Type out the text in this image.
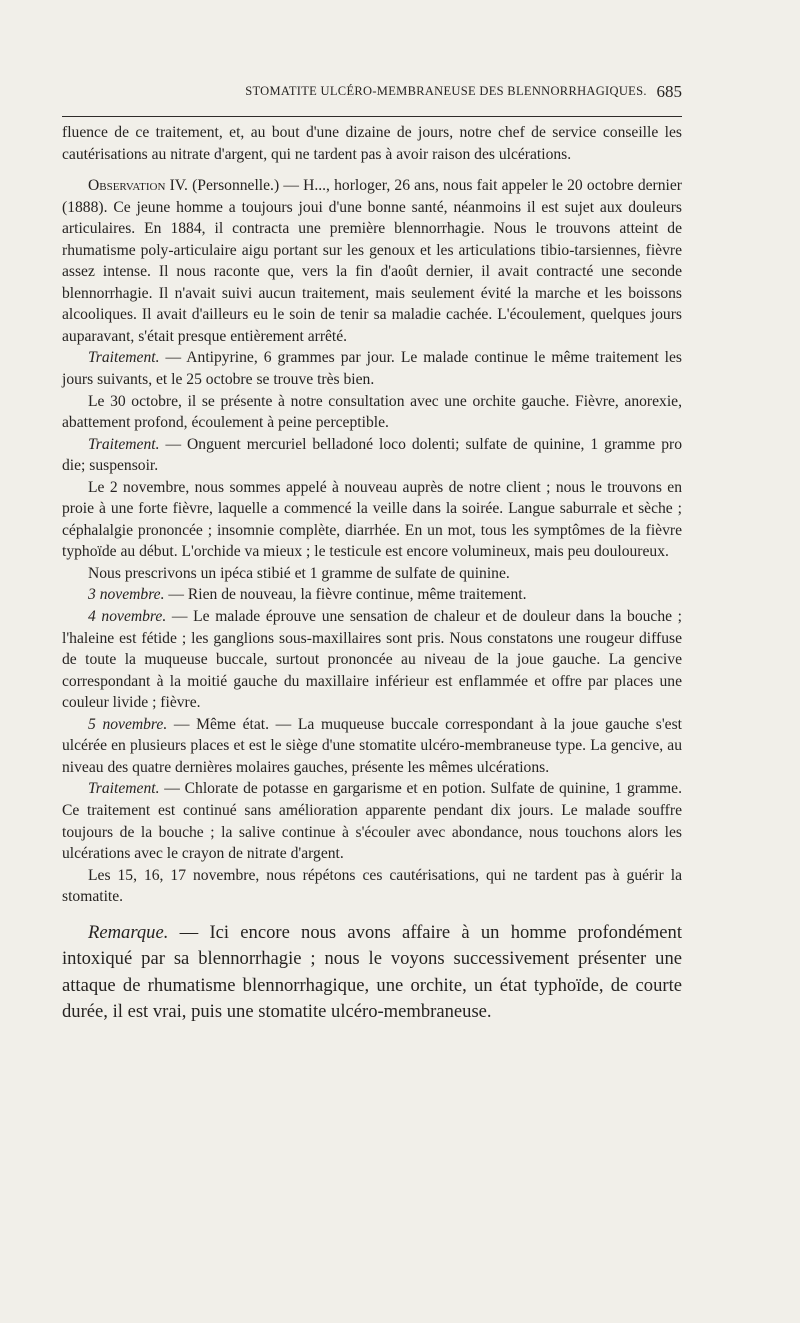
STOMATITE ULCÉRO-MEMBRANEUSE DES BLENNORRHAGIQUES. 685

fluence de ce traitement, et, au bout d'une dizaine de jours, notre chef de service conseille les cautérisations au nitrate d'argent, qui ne tardent pas à avoir raison des ulcérations.

Observation IV. (Personnelle.) — H..., horloger, 26 ans, nous fait appeler le 20 octobre dernier (1888). Ce jeune homme a toujours joui d'une bonne santé, néanmoins il est sujet aux douleurs articulaires. En 1884, il contracta une première blennorrhagie. Nous le trouvons atteint de rhumatisme poly-articulaire aigu portant sur les genoux et les articulations tibio-tarsiennes, fièvre assez intense. Il nous raconte que, vers la fin d'août dernier, il avait contracté une seconde blennorrhagie. Il n'avait suivi aucun traitement, mais seulement évité la marche et les boissons alcooliques. Il avait d'ailleurs eu le soin de tenir sa maladie cachée. L'écoulement, quelques jours auparavant, s'était presque entièrement arrêté.

Traitement. — Antipyrine, 6 grammes par jour. Le malade continue le même traitement les jours suivants, et le 25 octobre se trouve très bien.

Le 30 octobre, il se présente à notre consultation avec une orchite gauche. Fièvre, anorexie, abattement profond, écoulement à peine perceptible.

Traitement. — Onguent mercuriel belladoné loco dolenti; sulfate de quinine, 1 gramme pro die; suspensoir.

Le 2 novembre, nous sommes appelé à nouveau auprès de notre client ; nous le trouvons en proie à une forte fièvre, laquelle a commencé la veille dans la soirée. Langue saburrale et sèche ; céphalalgie prononcée ; insomnie complète, diarrhée. En un mot, tous les symptômes de la fièvre typhoïde au début. L'orchide va mieux ; le testicule est encore volumineux, mais peu douloureux.

Nous prescrivons un ipéca stibié et 1 gramme de sulfate de quinine.

3 novembre. — Rien de nouveau, la fièvre continue, même traitement.

4 novembre. — Le malade éprouve une sensation de chaleur et de douleur dans la bouche ; l'haleine est fétide ; les ganglions sous-maxillaires sont pris. Nous constatons une rougeur diffuse de toute la muqueuse buccale, surtout prononcée au niveau de la joue gauche. La gencive correspondant à la moitié gauche du maxillaire inférieur est enflammée et offre par places une couleur livide ; fièvre.

5 novembre. — Même état. — La muqueuse buccale correspondant à la joue gauche s'est ulcérée en plusieurs places et est le siège d'une stomatite ulcéro-membraneuse type. La gencive, au niveau des quatre dernières molaires gauches, présente les mêmes ulcérations.

Traitement. — Chlorate de potasse en gargarisme et en potion. Sulfate de quinine, 1 gramme. Ce traitement est continué sans amélioration apparente pendant dix jours. Le malade souffre toujours de la bouche ; la salive continue à s'écouler avec abondance, nous touchons alors les ulcérations avec le crayon de nitrate d'argent.

Les 15, 16, 17 novembre, nous répétons ces cautérisations, qui ne tardent pas à guérir la stomatite.

Remarque. — Ici encore nous avons affaire à un homme profondément intoxiqué par sa blennorrhagie ; nous le voyons successivement présenter une attaque de rhumatisme blennorrhagique, une orchite, un état typhoïde, de courte durée, il est vrai, puis une stomatite ulcéro-membraneuse.
